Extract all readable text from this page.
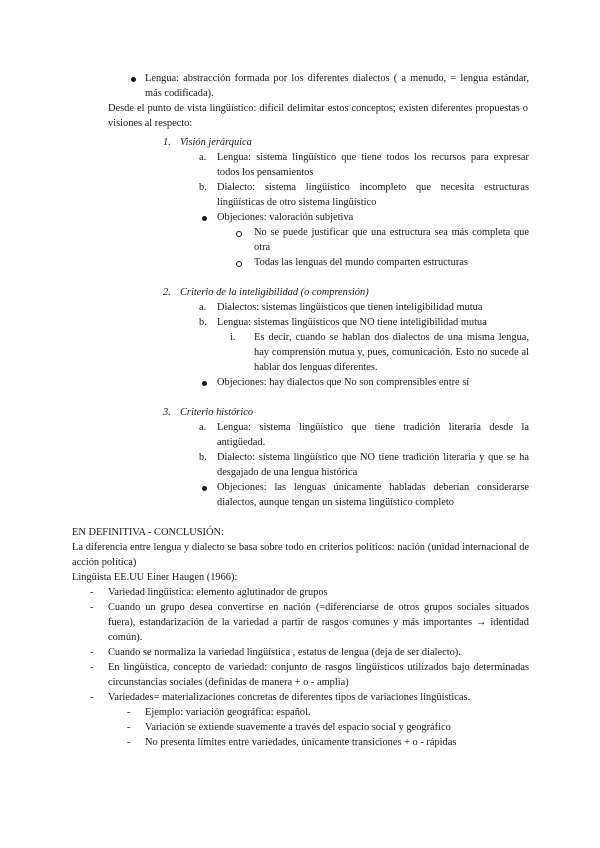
Lengua: abstracción formada por los diferentes dialectos ( a menudo, = lengua estándar, más codificada).
Desde el punto de vista lingüístico: difícil delimitar estos conceptos; existen diferentes propuestas o visiones al respecto:
1. Visión jerárquica
a. Lengua: sistema lingüístico que tiene todos los recursos para expresar todos los pensamientos
b. Dialecto: sistema lingüístico incompleto que necesita estructuras lingüísticas de otro sistema lingüístico
Objeciones: valoración subjetiva
No se puede justificar que una estructura sea más completa que otra
Todas las lenguas del mundo comparten estructuras
2. Criterio de la inteligibilidad (o comprensión)
a. Dialectos: sistemas lingüísticos que tienen inteligibilidad mutua
b. Lengua: sistemas lingüísticos que NO tiene inteligibilidad mutua
i. Es decir, cuando se hablan dos dialectos de una misma lengua, hay comprensión mutua y, pues, comunicación. Esto no sucede al hablar dos lenguas diferentes.
Objeciones: hay dialectos que No son comprensibles entre sí
3. Criterio histórico
a. Lengua: sistema lingüístico que tiene tradición literaria desde la antigüedad.
b. Dialecto: sistema lingüístico que NO tiene tradición literaria y que se ha desgajado de una lengua histórica
Objeciones: las lenguas únicamente habladas deberían considerarse dialectos, aunque tengan un sistema lingüístico completo
EN DEFINITIVA - CONCLUSIÓN:
La diferencia entre lengua y dialecto se basa sobre todo en criterios políticos: nación (unidad internacional de acción política)
Lingüista EE.UU Einer Haugen (1966):
- Variedad lingüística: elemento aglutinador de grupos
- Cuando un grupo desea convertirse en nación (=diferenciarse de otros grupos sociales situados fuera), estandarización de la variedad a partir de rasgos comunes y más importantes → identidad común).
- Cuando se normaliza la variedad lingüística , estatus de lengua (deja de ser dialecto).
- En lingüística, concepto de variedad: conjunto de rasgos lingüísticos utilizados bajo determinadas circunstancias sociales (definidas de manera + o - amplia)
- Variedades= materializaciones concretas de diferentes tipos de variaciones lingüísticas.
- Ejemplo: variación geográfica: español.
- Variación se extiende suavemente a través del espacio social y geográfico
- No presenta límites entre variedades, únicamente transiciones + o - rápidas
